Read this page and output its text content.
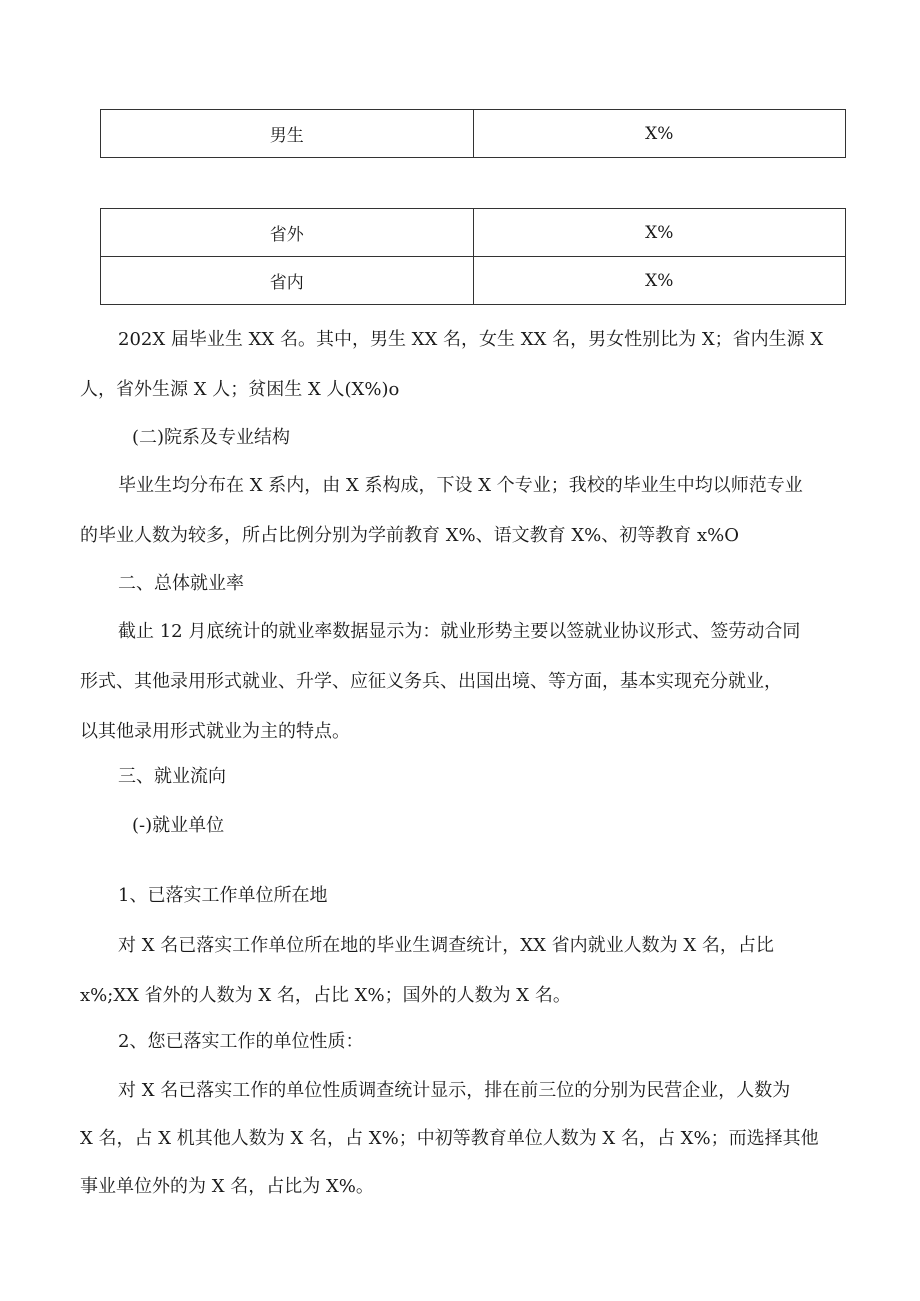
男生	X%
省外	X%
省内	X%
202X 届毕业生 XX 名。其中，男生 XX 名，女生 XX 名，男女性别比为 X；省内生源 X
人，省外生源 X 人；贫困生 X 人(X%)o
(二)院系及专业结构
毕业生均分布在 X 系内，由 X 系构成，下设 X 个专业；我校的毕业生中均以师范专业
的毕业人数为较多，所占比例分别为学前教育 X%、语文教育 X%、初等教育 x%O
二、总体就业率
截止 12 月底统计的就业率数据显示为：就业形势主要以签就业协议形式、签劳动合同
形式、其他录用形式就业、升学、应征义务兵、出国出境、等方面，基本实现充分就业，
以其他录用形式就业为主的特点。
三、就业流向
(-)就业单位
1、已落实工作单位所在地
对 X 名已落实工作单位所在地的毕业生调查统计，XX 省内就业人数为 X 名，占比
x%;XX 省外的人数为 X 名，占比 X%；国外的人数为 X 名。
2、您已落实工作的单位性质：
对 X 名已落实工作的单位性质调查统计显示，排在前三位的分别为民营企业，人数为
X 名，占 X 机其他人数为 X 名，占 X%；中初等教育单位人数为 X 名，占 X%；而选择其他
事业单位外的为 X 名，占比为 X%。
